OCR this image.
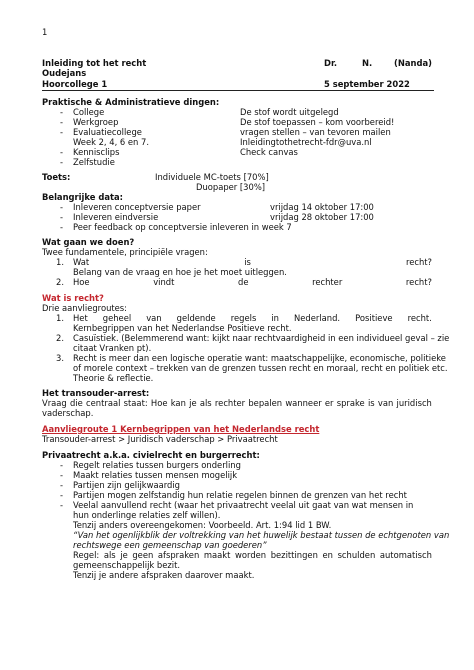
1
Inleiding tot het recht	Dr.	N.	(Nanda)
Oudejans
Hoorcollege 1	5 september 2022
Praktische & Administratieve dingen:
- College	De stof wordt uitgelegd
- Werkgroep	De stof toepassen – kom voorbereid!
- Evaluatiecollege	vragen stellen – van tevoren mailen
Week 2, 4, 6 en 7.	Inleidingtothetrecht-fdr@uva.nl
- Kennisclips	Check canvas
- Zelfstudie
Toets:	Individuele MC-toets [70%]
Duopaper [30%]
Belangrijke data:
- Inleveren conceptversie paper	vrijdag 14 oktober 17:00
- Inleveren eindversie	vrijdag 28 oktober 17:00
- Peer feedback op conceptversie inleveren in week 7
Wat gaan we doen?
Twee fundamentele, principiële vragen:
1. Wat	is	recht?
Belang van de vraag en hoe je het moet uitleggen.
2. Hoe	vindt	de	rechter	recht?
Wat is recht?
Drie aanvliegroutes:
1. Het geheel van geldende regels in Nederland. Positieve recht.
Kernbegrippen van het Nederlandse Positieve recht.
2. Casuïstiek. (Belemmerend want: kijkt naar rechtvaardigheid in een individueel geval – zie
citaat Vranken pt).
3. Recht is meer dan een logische operatie want: maatschappelijke, economische, politieke
of morele context – trekken van de grenzen tussen recht en moraal, recht en politiek etc.
Theorie & reflectie.
Het transouder-arrest:
Vraag die centraal staat: Hoe kan je als rechter bepalen wanneer er sprake is van juridisch
vaderschap.
Aanvliegroute 1 Kernbegrippen van het Nederlandse recht
Transouder-arrest > Juridisch vaderschap > Privaatrecht
Privaatrecht a.k.a. civielrecht en burgerrecht:
- Regelt relaties tussen burgers onderling
- Maakt relaties tussen mensen mogelijk
- Partijen zijn gelijkwaardig
- Partijen mogen zelfstandig hun relatie regelen binnen de grenzen van het recht
- Veelal aanvullend recht (waar het privaatrecht veelal uit gaat van wat mensen in
hun onderlinge relaties zelf willen).
Tenzij anders overeengekomen: Voorbeeld. Art. 1:94 lid 1 BW.
“Van het ogenlijkblik der voltrekking van het huwelijk bestaat tussen de echtgenoten van
rechtswege een gemeenschap van goederen”
Regel: als je geen afspraken maakt worden bezittingen en schulden automatisch
gemeenschappelijk bezit.
Tenzij je andere afspraken daarover maakt.
